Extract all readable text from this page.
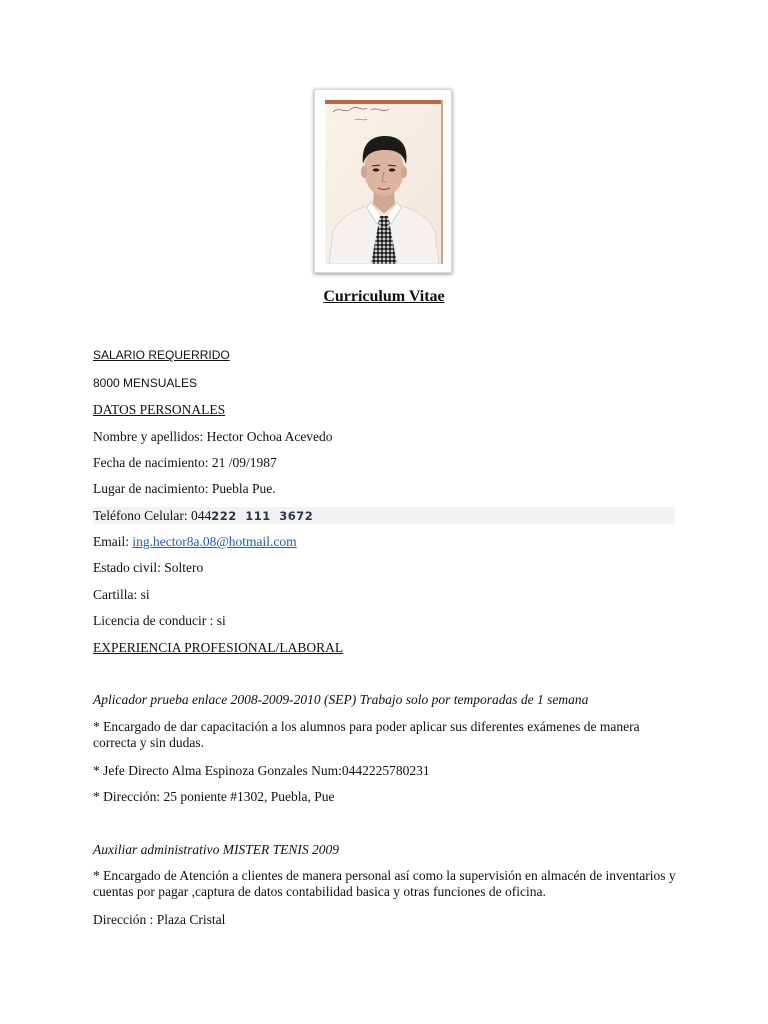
Curriculum Vitae
SALARIO REQUERRIDO
8000 MENSUALES
DATOS PERSONALES
Nombre y apellidos: Hector Ochoa Acevedo
Fecha de nacimiento: 21 /09/1987
Lugar de nacimiento: Puebla Pue.
Teléfono Celular: 044222 111 3672
Email: ing.hector8a.08@hotmail.com
Estado civil: Soltero
Cartilla: si
Licencia de conducir : si
EXPERIENCIA PROFESIONAL/LABORAL
Aplicador prueba enlace 2008-2009-2010 (SEP) Trabajo solo por temporadas de 1 semana
* Encargado de dar capacitación a los alumnos para poder aplicar sus diferentes exámenes de manera correcta y sin dudas.
* Jefe Directo Alma Espinoza Gonzales Num:0442225780231
* Dirección: 25 poniente #1302, Puebla, Pue
Auxiliar administrativo MISTER TENIS 2009
* Encargado de Atención a clientes de manera personal así como la supervisión en almacén de inventarios y cuentas por pagar ,captura de datos contabilidad basica y otras funciones de oficina.
Dirección : Plaza Cristal
